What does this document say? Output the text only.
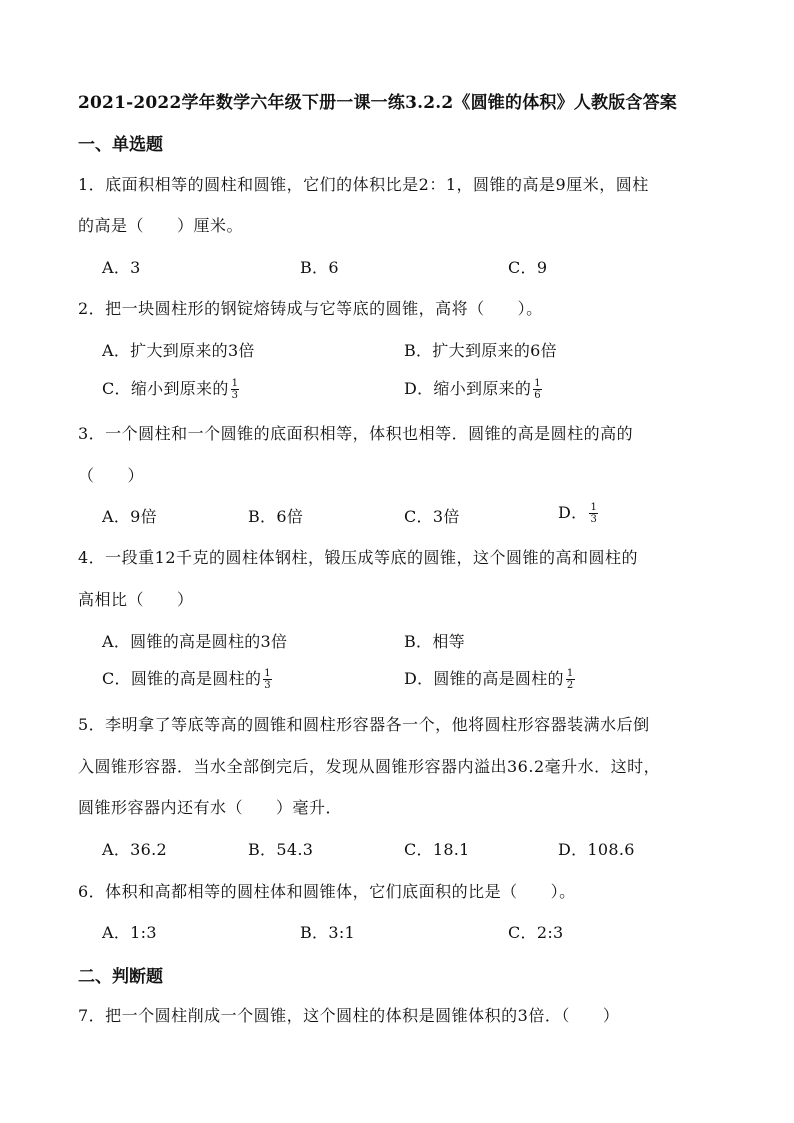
2021-2022学年数学六年级下册一课一练3.2.2《圆锥的体积》人教版含答案
一、单选题
1．底面积相等的圆柱和圆锥，它们的体积比是2：1，圆锥的高是9厘米，圆柱
的高是（　　）厘米。
A．3	B．6	C．9
2．把一块圆柱形的钢锭熔铸成与它等底的圆锥，高将（　　）。
A．扩大到原来的3倍	B．扩大到原来的6倍
C．缩小到原来的 $\frac{1}{3}$	D．缩小到原来的 $\frac{1}{6}$
3．一个圆柱和一个圆锥的底面积相等，体积也相等．圆锥的高是圆柱的高的
（　　）
A．9倍	B．6倍	C．3倍	D． $\frac{1}{3}$
4．一段重12千克的圆柱体钢柱，锻压成等底的圆锥，这个圆锥的高和圆柱的
高相比（　　）
A．圆锥的高是圆柱的3倍	B．相等
C．圆锥的高是圆柱的 $\frac{1}{3}$	D．圆锥的高是圆柱的 $\frac{1}{2}$
5．李明拿了等底等高的圆锥和圆柱形容器各一个，他将圆柱形容器装满水后倒
入圆锥形容器．当水全部倒完后，发现从圆锥形容器内溢出36.2毫升水．这时，
圆锥形容器内还有水（　　）毫升．
A．36.2	B．54.3	C．18.1	D．108.6
6．体积和高都相等的圆柱体和圆锥体，它们底面积的比是（　　）。
A．1:3	B．3:1	C．2:3
二、判断题
7．把一个圆柱削成一个圆锥，这个圆柱的体积是圆锥体积的3倍．（　　）
